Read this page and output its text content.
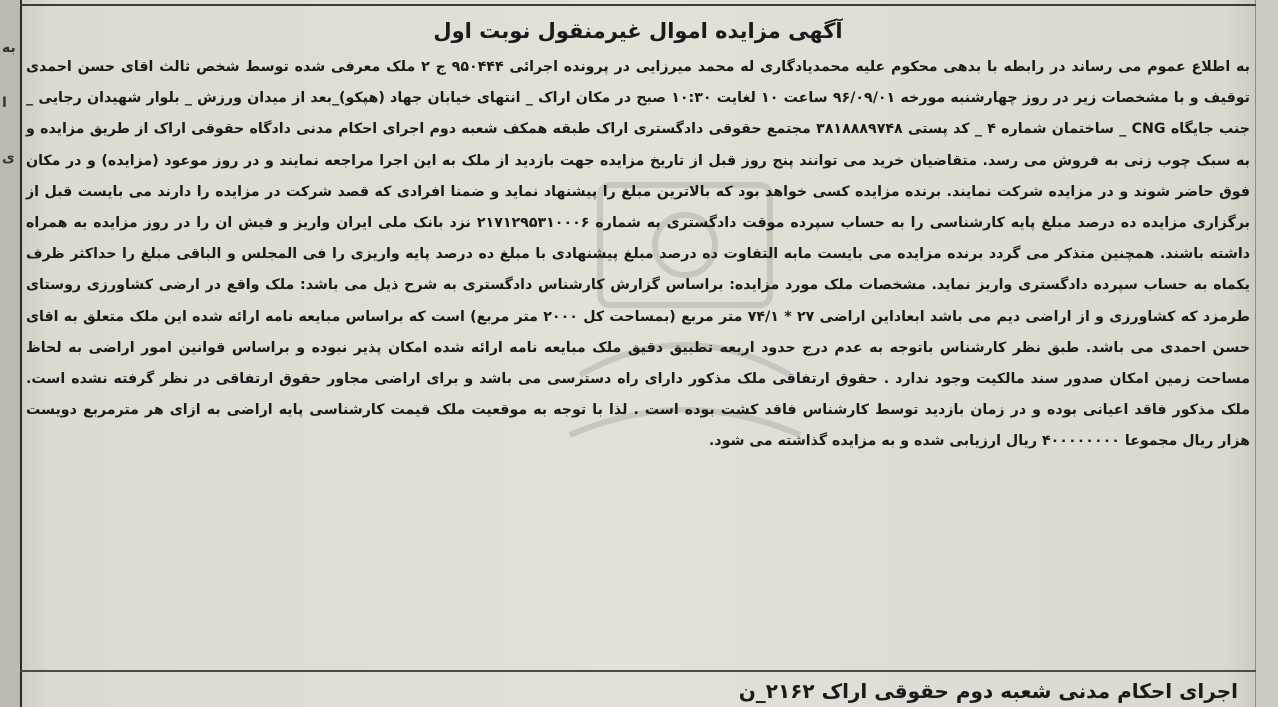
به
ا
ی
آگهی مزایده اموال غیرمنقول نوبت اول

به اطلاع عموم می رساند در رابطه با بدهی محکوم علیه محمدیادگاری له محمد میرزایی در پرونده اجرائی ۹۵۰۴۴۴ ج ۲ ملک معرفی شده توسط شخص ثالث اقای حسن احمدی توقیف و با مشخصات زیر در روز چهارشنبه مورخه ۹۶/۰۹/۰۱ ساعت ۱۰ لغایت ۱۰:۳۰ صبح در مکان اراک _ انتهای خیابان جهاد (هپکو)_بعد از میدان ورزش _ بلوار شهیدان رجایی _ جنب جایگاه CNG _ ساختمان شماره ۴ _ کد پستی ۳۸۱۸۸۸۹۷۴۸ مجتمع حقوقی دادگستری اراک طبقه همکف شعبه دوم اجرای احکام مدنی دادگاه حقوقی اراک از طریق مزایده و به سبک چوب زنی به فروش می رسد. متقاضیان خرید می توانند پنج روز قبل از تاریخ مزایده جهت بازدید از ملک به این اجرا مراجعه نمایند و در روز موعود (مزایده) و در مکان فوق حاضر شوند و در مزایده شرکت نمایند. برنده مزایده کسی خواهد بود که بالاترین مبلغ را پیشنهاد نماید و ضمنا افرادی که قصد شرکت در مزایده را دارند می بایست قبل از برگزاری مزایده ده درصد مبلغ پایه کارشناسی را به حساب سپرده موقت دادگستری به شماره ۲۱۷۱۲۹۵۳۱۰۰۰۶ نزد بانک ملی ایران واریز و فیش ان را در روز مزایده به همراه داشته باشند. همچنین متذکر می گردد برنده مزایده می بایست مابه التفاوت ده درصد مبلغ پیشنهادی با مبلغ ده درصد پایه واریزی را فی المجلس و الباقی مبلغ را حداکثر ظرف یکماه به حساب سپرده دادگستری واریز نماید. مشخصات ملک مورد مزایده: براساس گزارش کارشناس دادگستری به شرح ذیل می باشد: ملک واقع در ارضی کشاورزی روستای طرمزد که کشاورزی و از اراضی دیم می باشد ابعاداین اراضی ۲۷ * ۷۴/۱ متر مربع (بمساحت کل ۲۰۰۰ متر مربع) است که براساس مبایعه نامه ارائه شده این ملک متعلق به اقای حسن احمدی می باشد. طبق نظر کارشناس باتوجه به عدم درج حدود اربعه تطبیق دقیق ملک مبایعه نامه ارائه شده امکان پذیر نبوده و براساس قوانین امور اراضی به لحاظ مساحت زمین امکان صدور سند مالکیت وجود ندارد . حقوق ارتفاقی ملک مذکور دارای راه دسترسی می باشد و برای اراضی مجاور حقوق ارتفاقی در نظر گرفته نشده است. ملک مذکور فاقد اعیانی بوده و در زمان بازدید توسط کارشناس فاقد کشت بوده است . لذا با توجه به موقعیت ملک قیمت کارشناسی پایه اراضی به ازای هر مترمربع دویست هزار ریال مجموعا ۴۰۰۰۰۰۰۰۰ ریال ارزیابی شده و به مزایده گذاشته می شود.

اجرای احکام مدنی شعبه دوم حقوقی اراک ۲۱۶۲_ن
